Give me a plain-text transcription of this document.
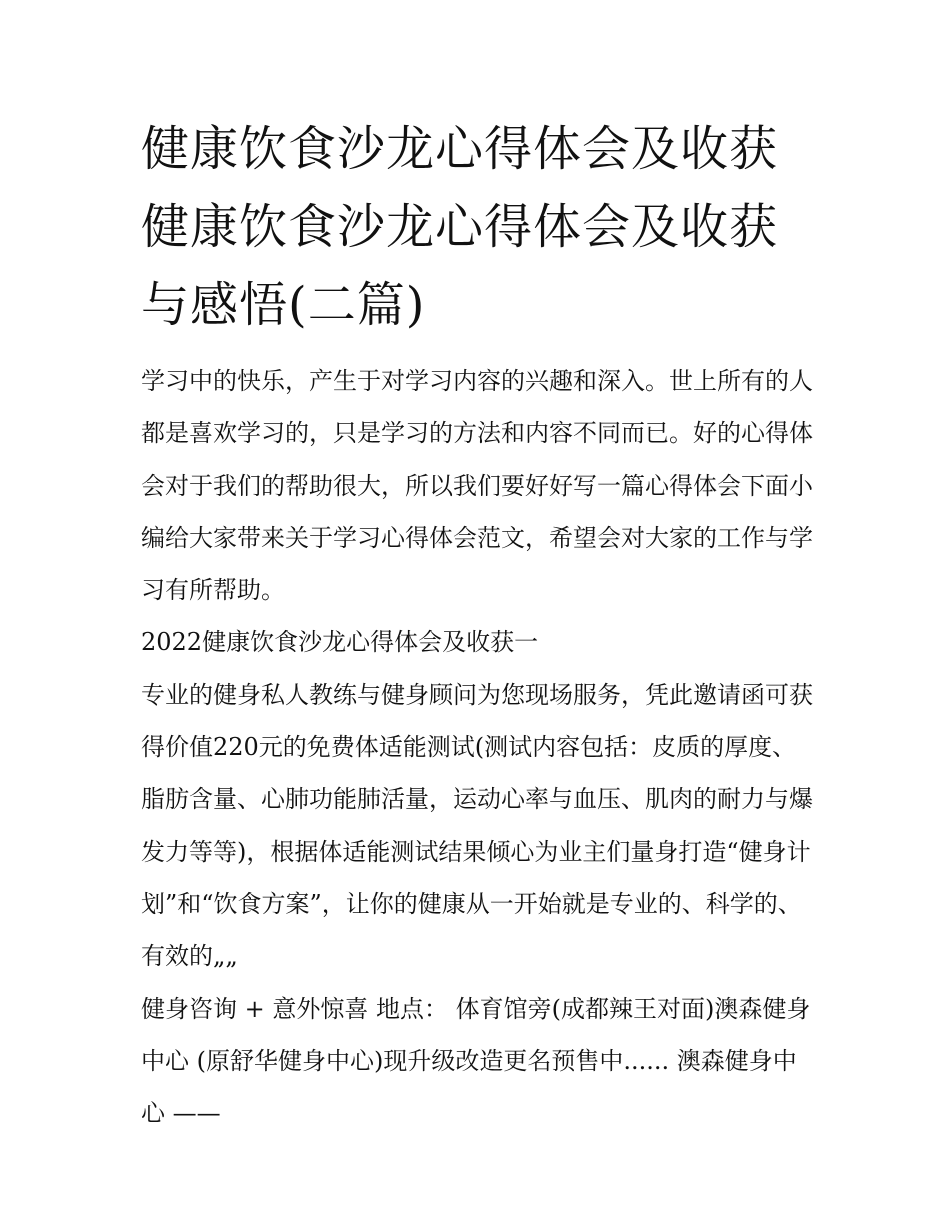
健康饮食沙龙心得体会及收获健康饮食沙龙心得体会及收获与感悟(二篇)

学习中的快乐，产生于对学习内容的兴趣和深入。世上所有的人都是喜欢学习的，只是学习的方法和内容不同而已。好的心得体会对于我们的帮助很大，所以我们要好好写一篇心得体会下面小编给大家带来关于学习心得体会范文，希望会对大家的工作与学习有所帮助。

2022健康饮食沙龙心得体会及收获一

专业的健身私人教练与健身顾问为您现场服务，凭此邀请函可获得价值220元的免费体适能测试(测试内容包括：皮质的厚度、脂肪含量、心肺功能肺活量，运动心率与血压、肌肉的耐力与爆发力等等)，根据体适能测试结果倾心为业主们量身打造“健身计划”和“饮食方案”，让你的健康从一开始就是专业的、科学的、有效的„„

健身咨询 + 意外惊喜 地点： 体育馆旁(成都辣王对面)澳森健身中心 (原舒华健身中心)现升级改造更名预售中...... 澳森健身中心 ——
